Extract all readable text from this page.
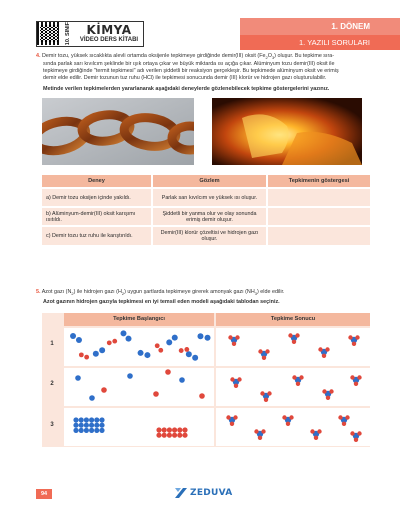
10. SINIF KİMYA
VİDEO DERS KİTABI
1. DÖNEM
1. YAZILI SORULARI
4. Demir tozu, yüksek sıcaklıkta alevli ortamda oksijenle tepkimeye girdiğinde demir(III) oksit $(Fe_2O_3)$ oluşur. Bu tepkime sıra-
sında parlak sarı kıvılcım şeklinde bir ışık ortaya çıkar ve büyük miktarda ısı açığa çıkar. Alüminyum tozu demir(III) oksit ile
tepkimeye girdiğinde "termit tepkimesi" adı verilen şiddetli bir reaksiyon gerçekleşir. Bu tepkimede alüminyum oksit ve erimiş
demir elde edilir. Demir tozunun tuz ruhu (HCl) ile tepkimesi sonucunda demir (III) klorür ve hidrojen gazı oluşturulabilir.
Metinde verilen tepkimelerden yararlanarak aşağıdaki deneylerde gözlenebilecek tepkime göstergelerini yazınız.
Deney	Gözlem	Tepkimenin göstergesi
a) Demir tozu oksijen içinde yakıldı.	Parlak sarı kıvılcım ve yüksek ısı oluşur.	
b) Alüminyum-demir(III) oksit karışımı ısıtıldı.	Şiddetli bir yanma olur ve olay sonunda erimiş demir oluşur.	
c) Demir tozu tuz ruhu ile karıştırıldı.	Demir(III) klorür çözeltisi ve hidrojen gazı oluşur.	
5. Azot gazı $(N_2)$ ile hidrojen gazı $(H_2)$ uygun şartlarda tepkimeye girerek amonyak gazı $(NH_3)$ elde edilir.
Azot gazının hidrojen gazıyla tepkimesi en iyi temsil eden modeli aşağıdaki tablodan seçiniz.
Tepkime Başlangıcı	Tepkime Sonucu
1
2
3
94	ZEDUVA
